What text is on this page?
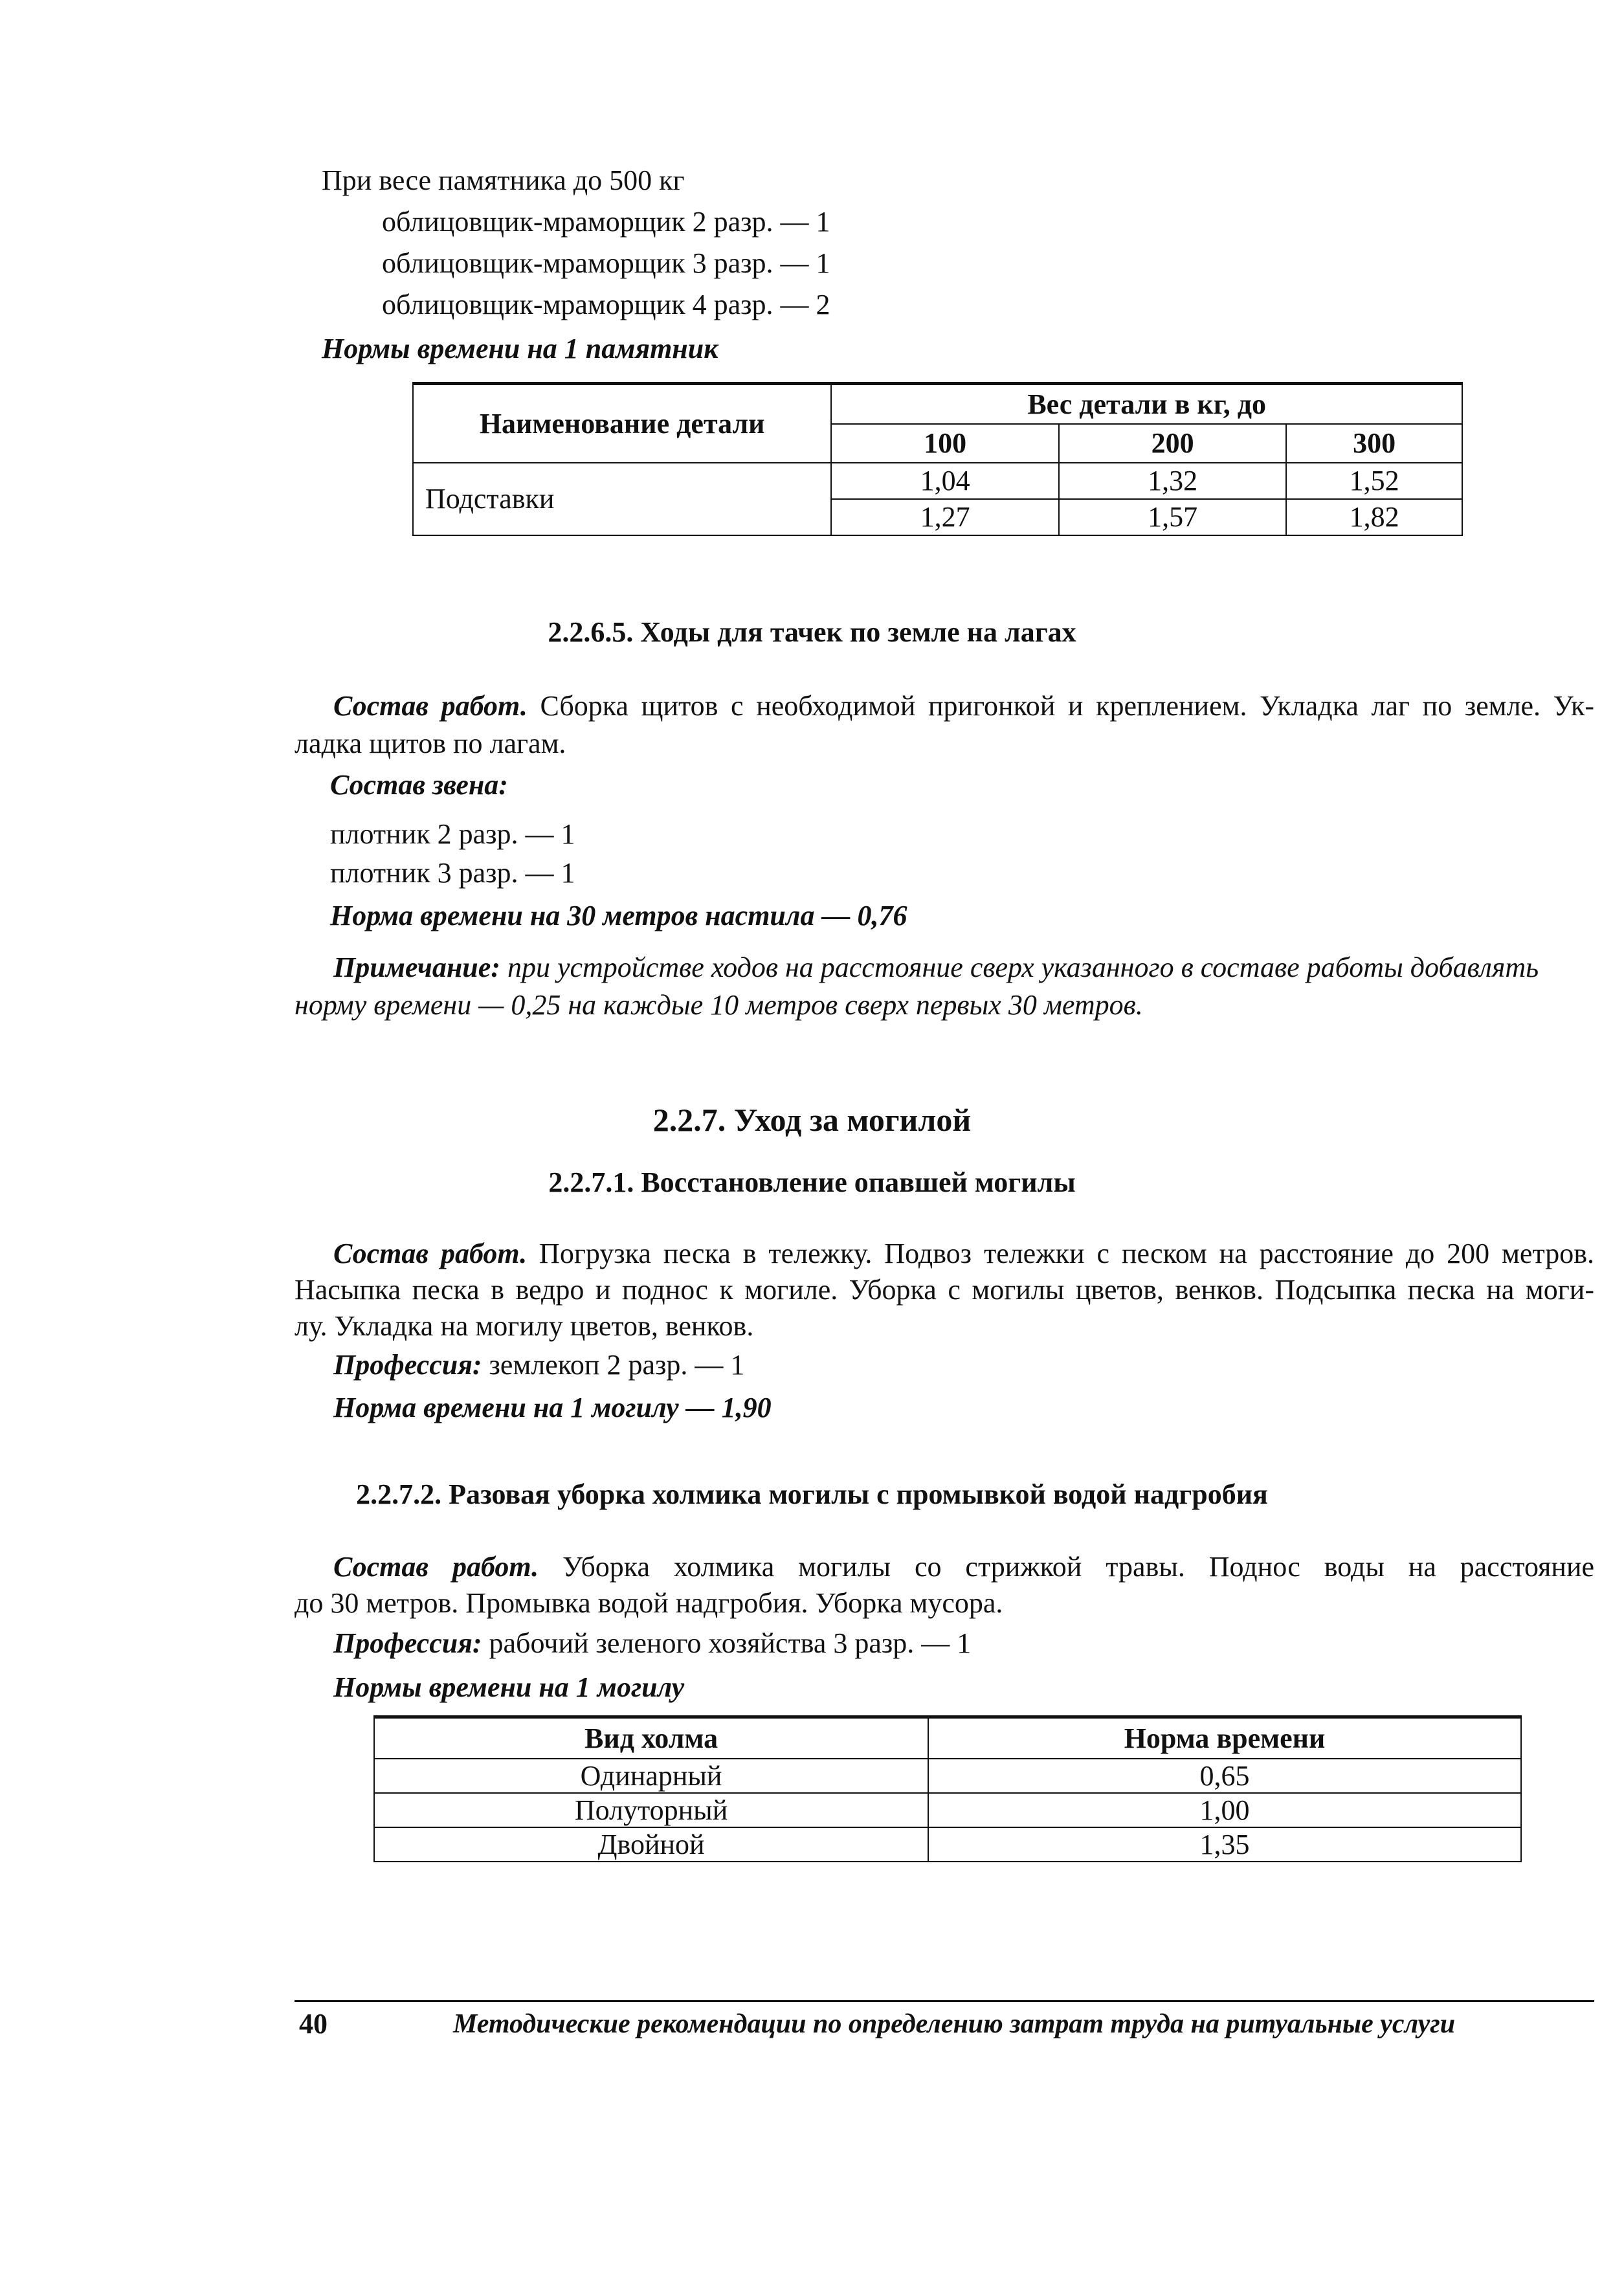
При весе памятника до 500 кг
облицовщик-мраморщик 2 разр. — 1
облицовщик-мраморщик 3 разр. — 1
облицовщик-мраморщик 4 разр. — 2
Нормы времени на 1 памятник
Наименование детали	Вес детали в кг, до		
	100	200	300
Подставки	1,04	1,32	1,52
	1,27	1,57	1,82
2.2.6.5. Ходы для тачек по земле на лагах
Состав работ. Сборка щитов с необходимой пригонкой и креплением. Укладка лаг по земле. Ук-
ладка щитов по лагам.
Состав звена:
плотник 2 разр. — 1
плотник 3 разр. — 1
Норма времени на 30 метров настила — 0,76
Примечание: при устройстве ходов на расстояние сверх указанного в составе работы добавлять
норму времени — 0,25 на каждые 10 метров сверх первых 30 метров.
2.2.7. Уход за могилой
2.2.7.1. Восстановление опавшей могилы
Состав работ. Погрузка песка в тележку. Подвоз тележки с песком на расстояние до 200 метров.
Насыпка песка в ведро и поднос к могиле. Уборка с могилы цветов, венков. Подсыпка песка на моги-
лу. Укладка на могилу цветов, венков.
Профессия: землекоп 2 разр. — 1
Норма времени на 1 могилу — 1,90
2.2.7.2. Разовая уборка холмика могилы с промывкой водой надгробия
Состав работ. Уборка холмика могилы со стрижкой травы. Поднос воды на расстояние
до 30 метров. Промывка водой надгробия. Уборка мусора.
Профессия: рабочий зеленого хозяйства 3 разр. — 1
Нормы времени на 1 могилу
Вид холма	Норма времени
Одинарный	0,65
Полуторный	1,00
Двойной	1,35
40	Методические рекомендации по определению затрат труда на ритуальные услуги
